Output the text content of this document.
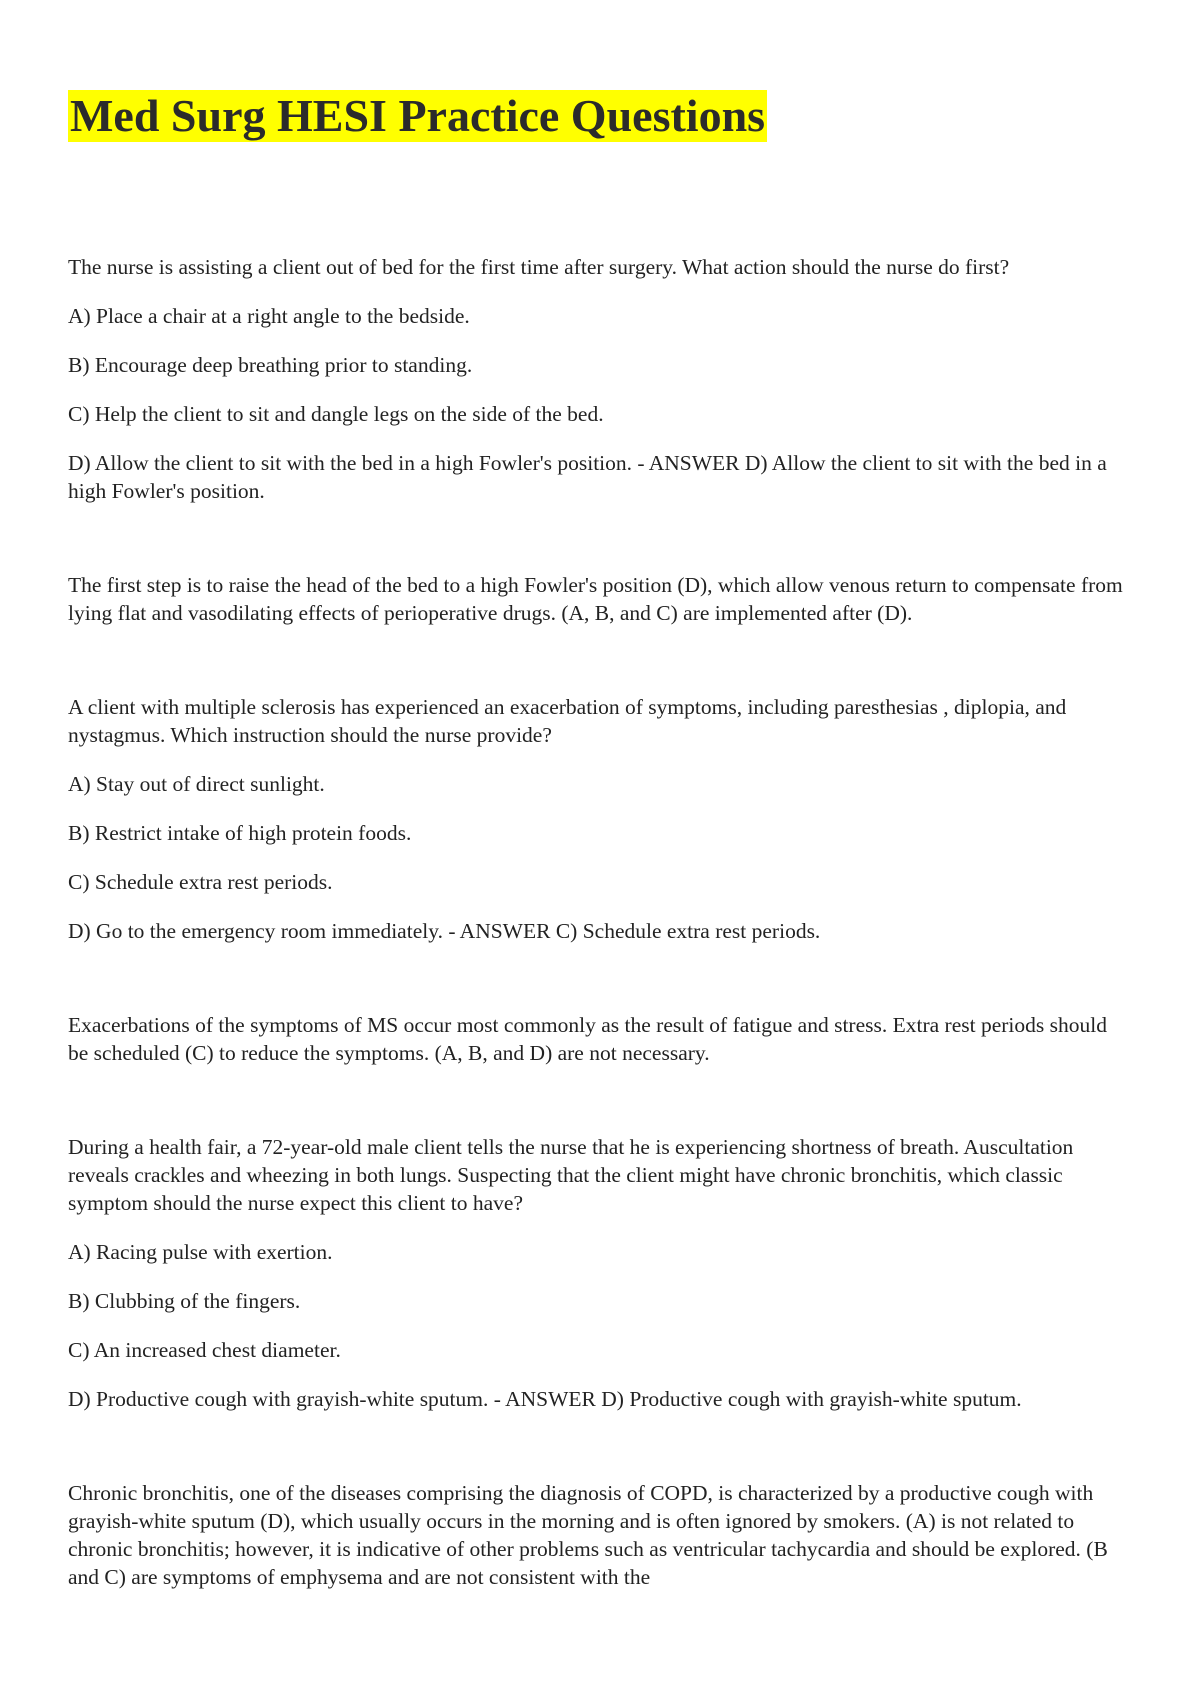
Med Surg HESI Practice Questions

The nurse is assisting a client out of bed for the first time after surgery. What action should the nurse do first?

A) Place a chair at a right angle to the bedside.

B) Encourage deep breathing prior to standing.

C) Help the client to sit and dangle legs on the side of the bed.

D) Allow the client to sit with the bed in a high Fowler's position. - ANSWER D) Allow the client to sit with the bed in a high Fowler's position.

The first step is to raise the head of the bed to a high Fowler's position (D), which allow venous return to compensate from lying flat and vasodilating effects of perioperative drugs. (A, B, and C) are implemented after (D).

A client with multiple sclerosis has experienced an exacerbation of symptoms, including paresthesias , diplopia, and nystagmus. Which instruction should the nurse provide?

A) Stay out of direct sunlight.

B) Restrict intake of high protein foods.

C) Schedule extra rest periods.

D) Go to the emergency room immediately. - ANSWER C) Schedule extra rest periods.

Exacerbations of the symptoms of MS occur most commonly as the result of fatigue and stress. Extra rest periods should be scheduled (C) to reduce the symptoms. (A, B, and D) are not necessary.

During a health fair, a 72-year-old male client tells the nurse that he is experiencing shortness of breath. Auscultation reveals crackles and wheezing in both lungs. Suspecting that the client might have chronic bronchitis, which classic symptom should the nurse expect this client to have?

A) Racing pulse with exertion.

B) Clubbing of the fingers.

C) An increased chest diameter.

D) Productive cough with grayish-white sputum. - ANSWER D) Productive cough with grayish-white sputum.

Chronic bronchitis, one of the diseases comprising the diagnosis of COPD, is characterized by a productive cough with grayish-white sputum (D), which usually occurs in the morning and is often ignored by smokers. (A) is not related to chronic bronchitis; however, it is indicative of other problems such as ventricular tachycardia and should be explored. (B and C) are symptoms of emphysema and are not consistent with the
